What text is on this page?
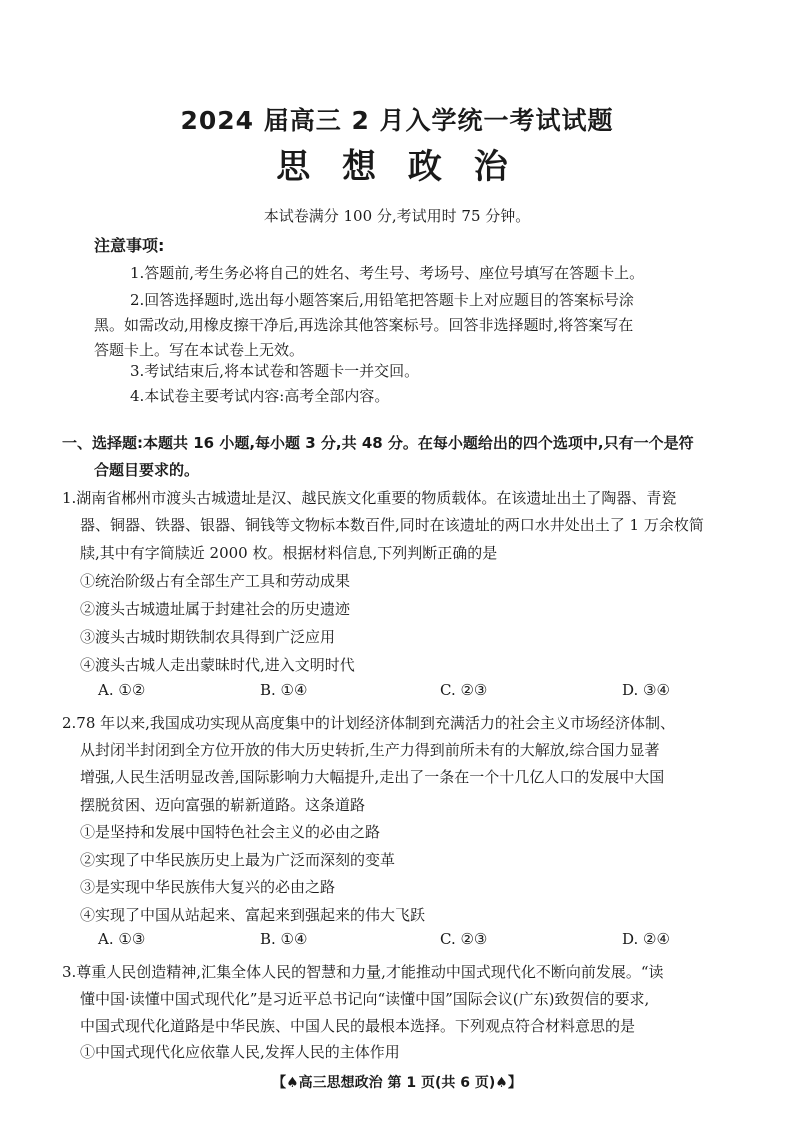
2024 届高三 2 月入学统一考试试题
思 想 政 治
本试卷满分 100 分,考试用时 75 分钟。
注意事项:
1.答题前,考生务必将自己的姓名、考生号、考场号、座位号填写在答题卡上。
2.回答选择题时,选出每小题答案后,用铅笔把答题卡上对应题目的答案标号涂
黑。如需改动,用橡皮擦干净后,再选涂其他答案标号。回答非选择题时,将答案写在
答题卡上。写在本试卷上无效。
3.考试结束后,将本试卷和答题卡一并交回。
4.本试卷主要考试内容:高考全部内容。
一、选择题:本题共 16 小题,每小题 3 分,共 48 分。在每小题给出的四个选项中,只有一个是符
合题目要求的。
1.湖南省郴州市渡头古城遗址是汉、越民族文化重要的物质载体。在该遗址出土了陶器、青瓷
器、铜器、铁器、银器、铜钱等文物标本数百件,同时在该遗址的两口水井处出土了 1 万余枚简
牍,其中有字简牍近 2000 枚。根据材料信息,下列判断正确的是
①统治阶级占有全部生产工具和劳动成果
②渡头古城遗址属于封建社会的历史遗迹
③渡头古城时期铁制农具得到广泛应用
④渡头古城人走出蒙昧时代,进入文明时代
A. ①②	B. ①④	C. ②③	D. ③④
2.78 年以来,我国成功实现从高度集中的计划经济体制到充满活力的社会主义市场经济体制、
从封闭半封闭到全方位开放的伟大历史转折,生产力得到前所未有的大解放,综合国力显著
增强,人民生活明显改善,国际影响力大幅提升,走出了一条在一个十几亿人口的发展中大国
摆脱贫困、迈向富强的崭新道路。这条道路
①是坚持和发展中国特色社会主义的必由之路
②实现了中华民族历史上最为广泛而深刻的变革
③是实现中华民族伟大复兴的必由之路
④实现了中国从站起来、富起来到强起来的伟大飞跃
A. ①③	B. ①④	C. ②③	D. ②④
3.尊重人民创造精神,汇集全体人民的智慧和力量,才能推动中国式现代化不断向前发展。“读
懂中国·读懂中国式现代化”是习近平总书记向“读懂中国”国际会议(广东)致贺信的要求,
中国式现代化道路是中华民族、中国人民的最根本选择。下列观点符合材料意思的是
①中国式现代化应依靠人民,发挥人民的主体作用
【♠高三思想政治 第 1 页(共 6 页)♠】
